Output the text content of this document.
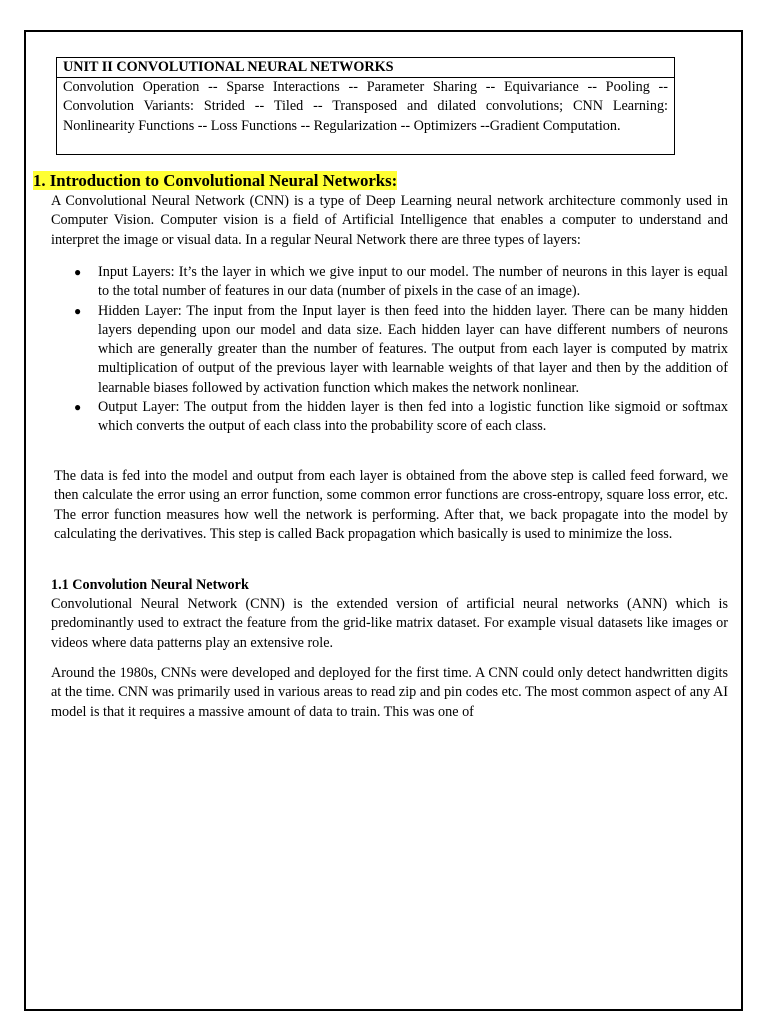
UNIT II CONVOLUTIONAL NEURAL NETWORKS

Convolution Operation -- Sparse Interactions -- Parameter Sharing -- Equivariance -- Pooling -- Convolution Variants: Strided -- Tiled -- Transposed and dilated convolutions; CNN Learning: Nonlinearity Functions -- Loss Functions -- Regularization -- Optimizers --Gradient Computation.

1. Introduction to Convolutional Neural Networks:

A Convolutional Neural Network (CNN) is a type of Deep Learning neural network architecture commonly used in Computer Vision. Computer vision is a field of Artificial Intelligence that enables a computer to understand and interpret the image or visual data. In a regular Neural Network there are three types of layers:

● Input Layers: It’s the layer in which we give input to our model. The number of neurons in this layer is equal to the total number of features in our data (number of pixels in the case of an image).
● Hidden Layer: The input from the Input layer is then feed into the hidden layer. There can be many hidden layers depending upon our model and data size. Each hidden layer can have different numbers of neurons which are generally greater than the number of features. The output from each layer is computed by matrix multiplication of output of the previous layer with learnable weights of that layer and then by the addition of learnable biases followed by activation function which makes the network nonlinear.
● Output Layer: The output from the hidden layer is then fed into a logistic function like sigmoid or softmax which converts the output of each class into the probability score of each class.

The data is fed into the model and output from each layer is obtained from the above step is called feed forward, we then calculate the error using an error function, some common error functions are cross-entropy, square loss error, etc. The error function measures how well the network is performing. After that, we back propagate into the model by calculating the derivatives. This step is called Back propagation which basically is used to minimize the loss.

1.1 Convolution Neural Network

Convolutional Neural Network (CNN) is the extended version of artificial neural networks (ANN) which is predominantly used to extract the feature from the grid-like matrix dataset. For example visual datasets like images or videos where data patterns play an extensive role.

Around the 1980s, CNNs were developed and deployed for the first time. A CNN could only detect handwritten digits at the time. CNN was primarily used in various areas to read zip and pin codes etc. The most common aspect of any AI model is that it requires a massive amount of data to train. This was one of
